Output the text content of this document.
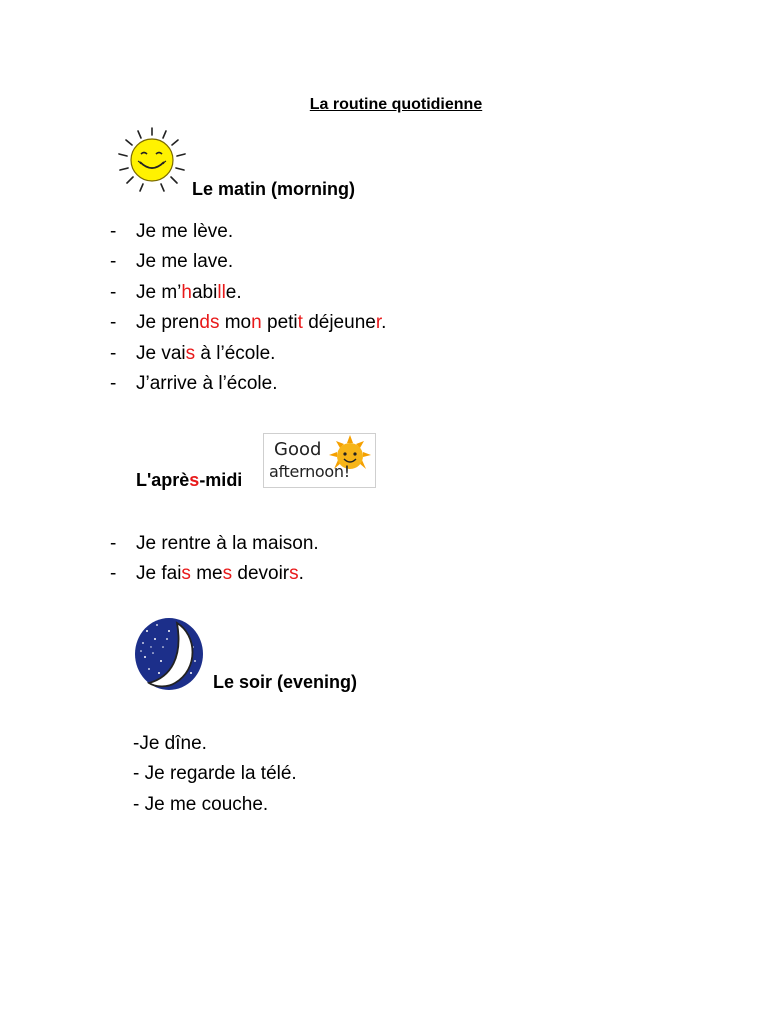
La routine quotidienne
Le matin (morning)
-	Je me lève.
-	Je me lave.
-	Je m’habille.
-	Je prends mon petit déjeuner.
-	Je vais à l’école.
-	J’arrive à l’école.
L'après-midi
Good
afternoon!
-	Je rentre à la maison.
-	Je fais mes devoirs.
Le soir (evening)
-Je dîne.
- Je regarde la télé.
- Je me couche.
